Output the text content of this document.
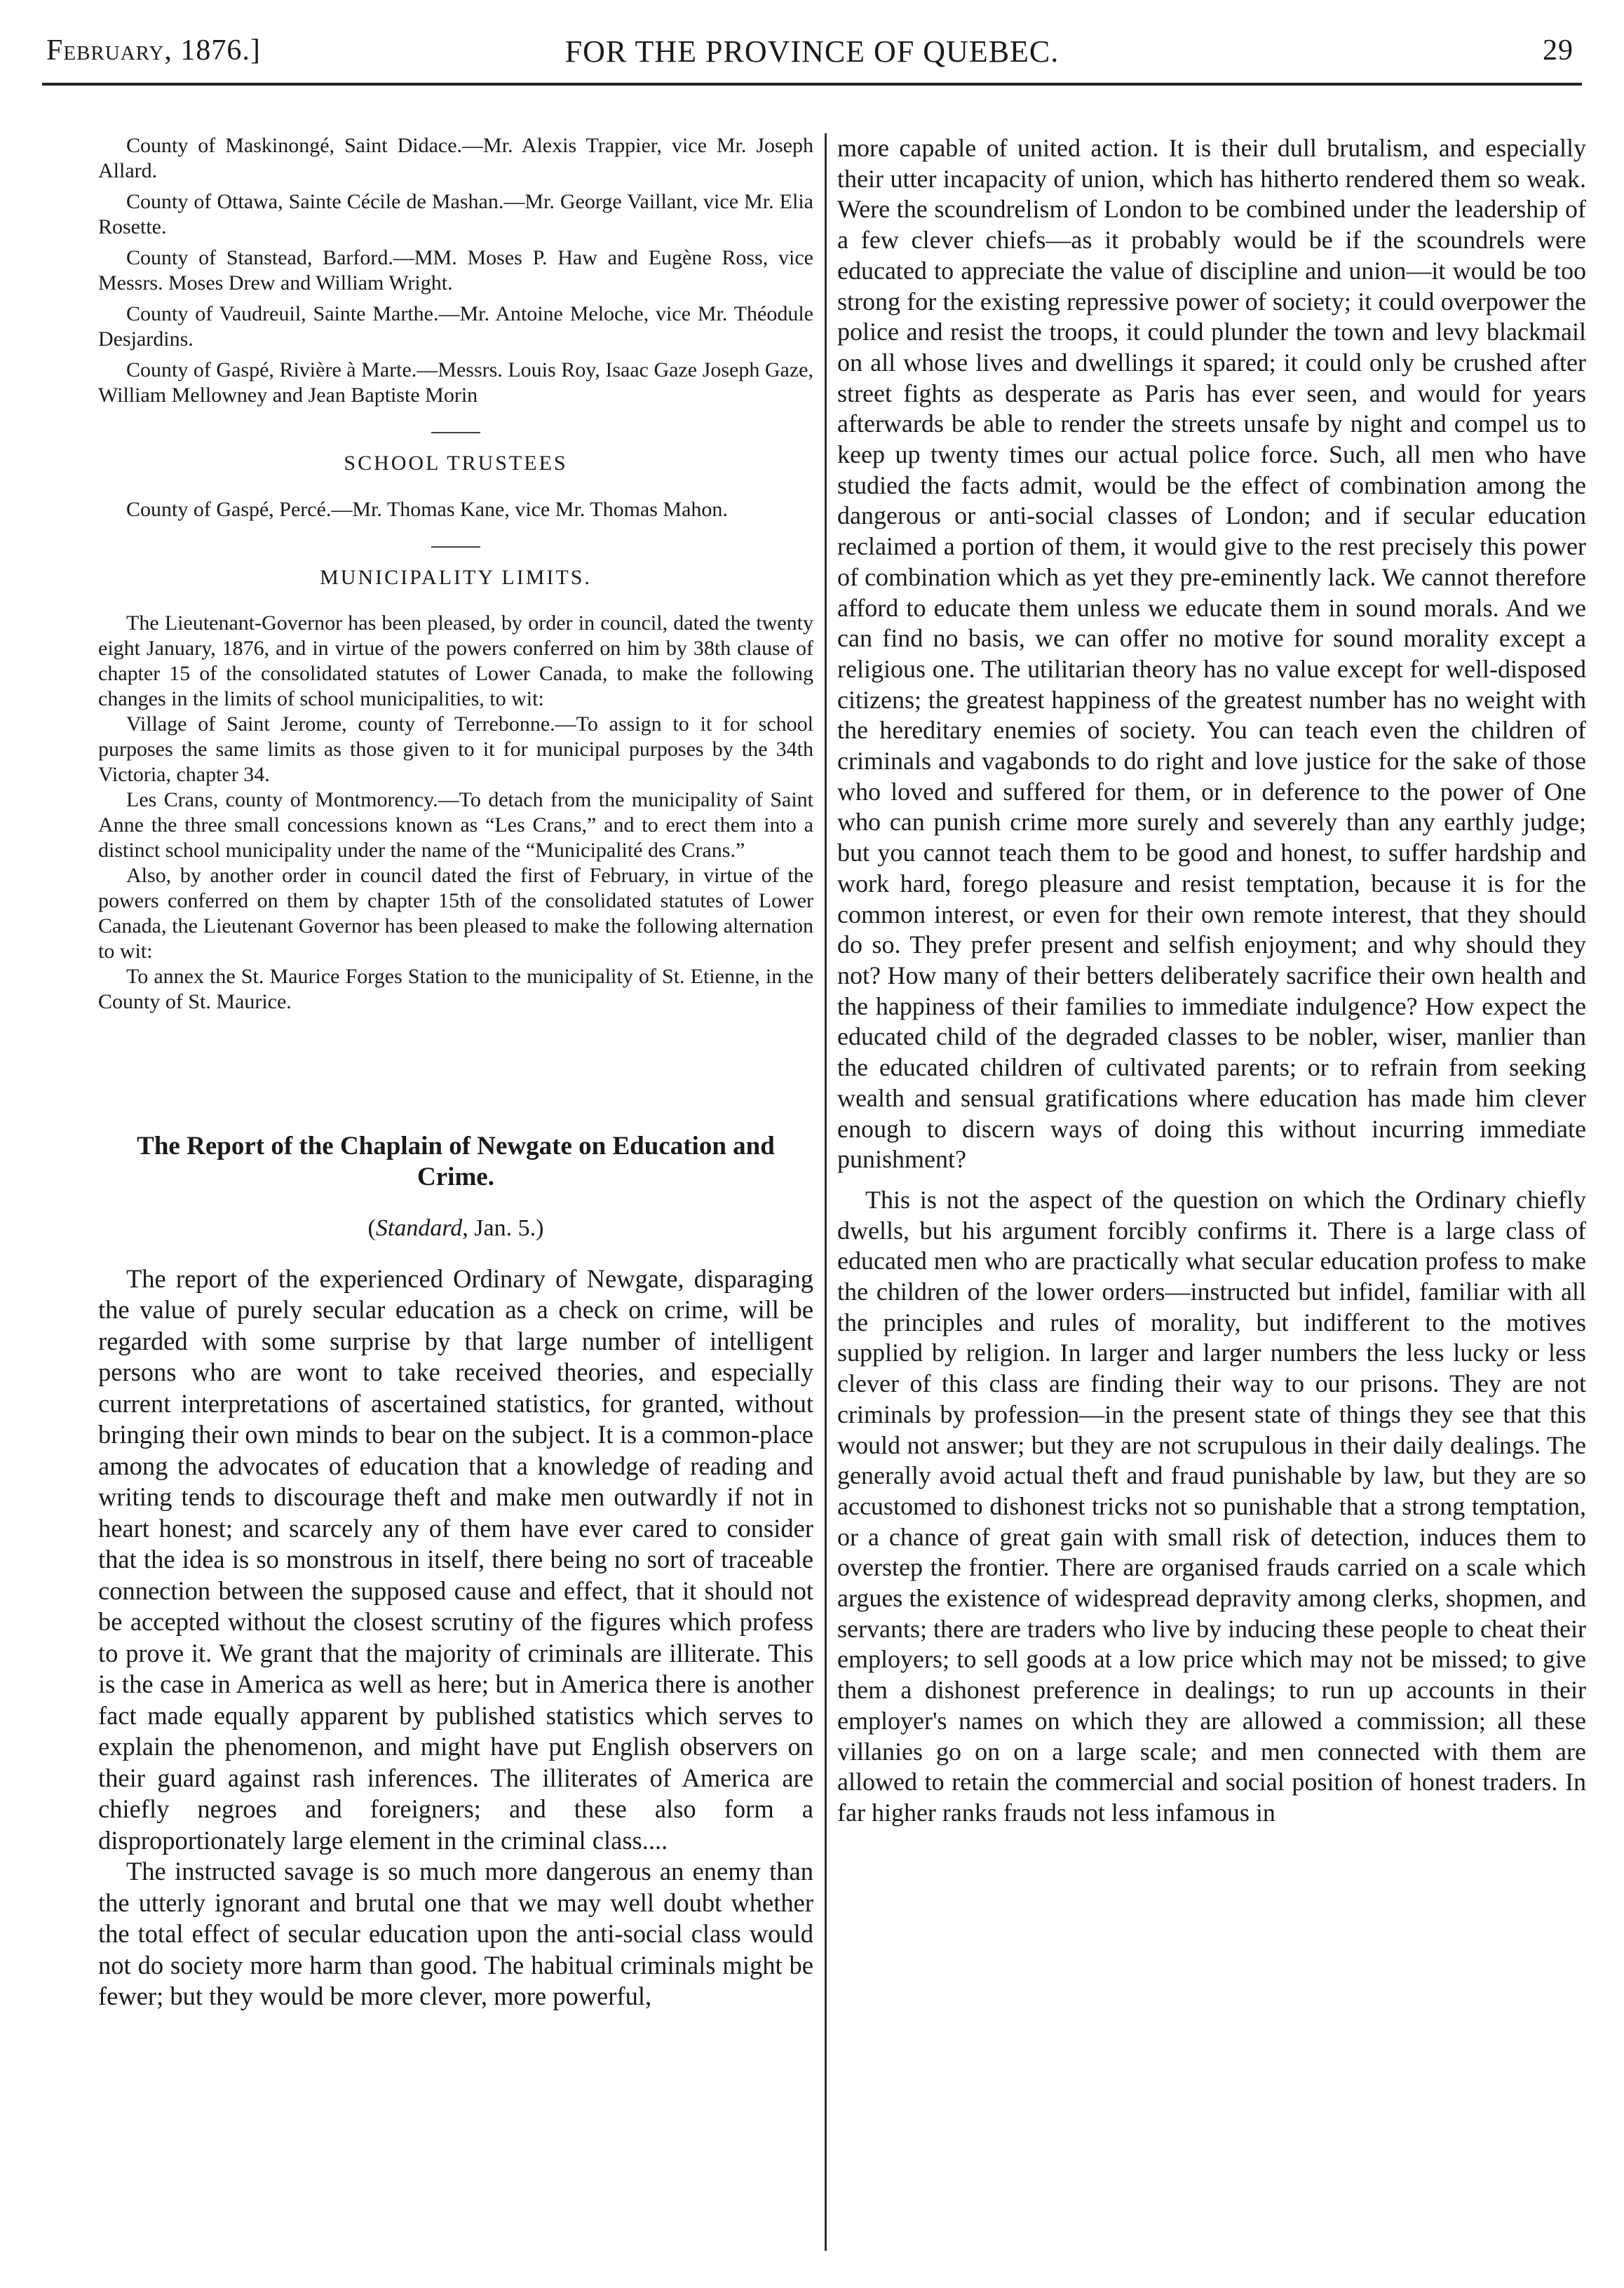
February, 1876.]	FOR THE PROVINCE OF QUEBEC.	29

County of Maskinongé, Saint Didace.—Mr. Alexis Trappier, vice Mr. Joseph Allard.

County of Ottawa, Sainte Cécile de Mashan.—Mr. George Vaillant, vice Mr. Elia Rosette.

County of Stanstead, Barford.—MM. Moses P. Haw and Eugène Ross, vice Messrs. Moses Drew and William Wright.

County of Vaudreuil, Sainte Marthe.—Mr. Antoine Meloche, vice Mr. Théodule Desjardins.

County of Gaspé, Rivière à Marte.—Messrs. Louis Roy, Isaac Gaze Joseph Gaze, William Mellowney and Jean Baptiste Morin

SCHOOL TRUSTEES

County of Gaspé, Percé.—Mr. Thomas Kane, vice Mr. Thomas Mahon.

MUNICIPALITY LIMITS.

The Lieutenant-Governor has been pleased, by order in council, dated the twenty eight January, 1876, and in virtue of the powers conferred on him by 38th clause of chapter 15 of the consolidated statutes of Lower Canada, to make the following changes in the limits of school municipalities, to wit:

Village of Saint Jerome, county of Terrebonne.—To assign to it for school purposes the same limits as those given to it for municipal purposes by the 34th Victoria, chapter 34.

Les Crans, county of Montmorency.—To detach from the municipality of Saint Anne the three small concessions known as “Les Crans,” and to erect them into a distinct school municipality under the name of the “Municipalité des Crans.”

Also, by another order in council dated the first of February, in virtue of the powers conferred on them by chapter 15th of the consolidated statutes of Lower Canada, the Lieutenant Governor has been pleased to make the following alternation to wit:

To annex the St. Maurice Forges Station to the municipality of St. Etienne, in the County of St. Maurice.

The Report of the Chaplain of Newgate on Education and Crime.
(Standard, Jan. 5.)

The report of the experienced Ordinary of Newgate, disparaging the value of purely secular education as a check on crime, will be regarded with some surprise by that large number of intelligent persons who are wont to take received theories, and especially current interpretations of ascertained statistics, for granted, without bringing their own minds to bear on the subject. It is a common-place among the advocates of education that a knowledge of reading and writing tends to discourage theft and make men outwardly if not in heart honest; and scarcely any of them have ever cared to consider that the idea is so monstrous in itself, there being no sort of traceable connection between the supposed cause and effect, that it should not be accepted without the closest scrutiny of the figures which profess to prove it. We grant that the majority of criminals are illiterate. This is the case in America as well as here; but in America there is another fact made equally apparent by published statistics which serves to explain the phenomenon, and might have put English observers on their guard against rash inferences. The illiterates of America are chiefly negroes and foreigners; and these also form a disproportionately large element in the criminal class....

The instructed savage is so much more dangerous an enemy than the utterly ignorant and brutal one that we may well doubt whether the total effect of secular education upon the anti-social class would not do society more harm than good. The habitual criminals might be fewer; but they would be more clever, more powerful,

more capable of united action. It is their dull brutalism, and especially their utter incapacity of union, which has hitherto rendered them so weak. Were the scoundrelism of London to be combined under the leadership of a few clever chiefs—as it probably would be if the scoundrels were educated to appreciate the value of discipline and union—it would be too strong for the existing repressive power of society; it could overpower the police and resist the troops, it could plunder the town and levy blackmail on all whose lives and dwellings it spared; it could only be crushed after street fights as desperate as Paris has ever seen, and would for years afterwards be able to render the streets unsafe by night and compel us to keep up twenty times our actual police force. Such, all men who have studied the facts admit, would be the effect of combination among the dangerous or anti-social classes of London; and if secular education reclaimed a portion of them, it would give to the rest precisely this power of combination which as yet they pre-eminently lack. We cannot therefore afford to educate them unless we educate them in sound morals. And we can find no basis, we can offer no motive for sound morality except a religious one. The utilitarian theory has no value except for well-disposed citizens; the greatest happiness of the greatest number has no weight with the hereditary enemies of society. You can teach even the children of criminals and vagabonds to do right and love justice for the sake of those who loved and suffered for them, or in deference to the power of One who can punish crime more surely and severely than any earthly judge; but you cannot teach them to be good and honest, to suffer hardship and work hard, forego pleasure and resist temptation, because it is for the common interest, or even for their own remote interest, that they should do so. They prefer present and selfish enjoyment; and why should they not? How many of their betters deliberately sacrifice their own health and the happiness of their families to immediate indulgence? How expect the educated child of the degraded classes to be nobler, wiser, manlier than the educated children of cultivated parents; or to refrain from seeking wealth and sensual gratifications where education has made him clever enough to discern ways of doing this without incurring immediate punishment?

This is not the aspect of the question on which the Ordinary chiefly dwells, but his argument forcibly confirms it. There is a large class of educated men who are practically what secular education profess to make the children of the lower orders—instructed but infidel, familiar with all the principles and rules of morality, but indifferent to the motives supplied by religion. In larger and larger numbers the less lucky or less clever of this class are finding their way to our prisons. They are not criminals by profession—in the present state of things they see that this would not answer; but they are not scrupulous in their daily dealings. The generally avoid actual theft and fraud punishable by law, but they are so accustomed to dishonest tricks not so punishable that a strong temptation, or a chance of great gain with small risk of detection, induces them to overstep the frontier. There are organised frauds carried on a scale which argues the existence of widespread depravity among clerks, shopmen, and servants; there are traders who live by inducing these people to cheat their employers; to sell goods at a low price which may not be missed; to give them a dishonest preference in dealings; to run up accounts in their employer's names on which they are allowed a commission; all these villanies go on on a large scale; and men connected with them are allowed to retain the commercial and social position of honest traders. In far higher ranks frauds not less infamous in
